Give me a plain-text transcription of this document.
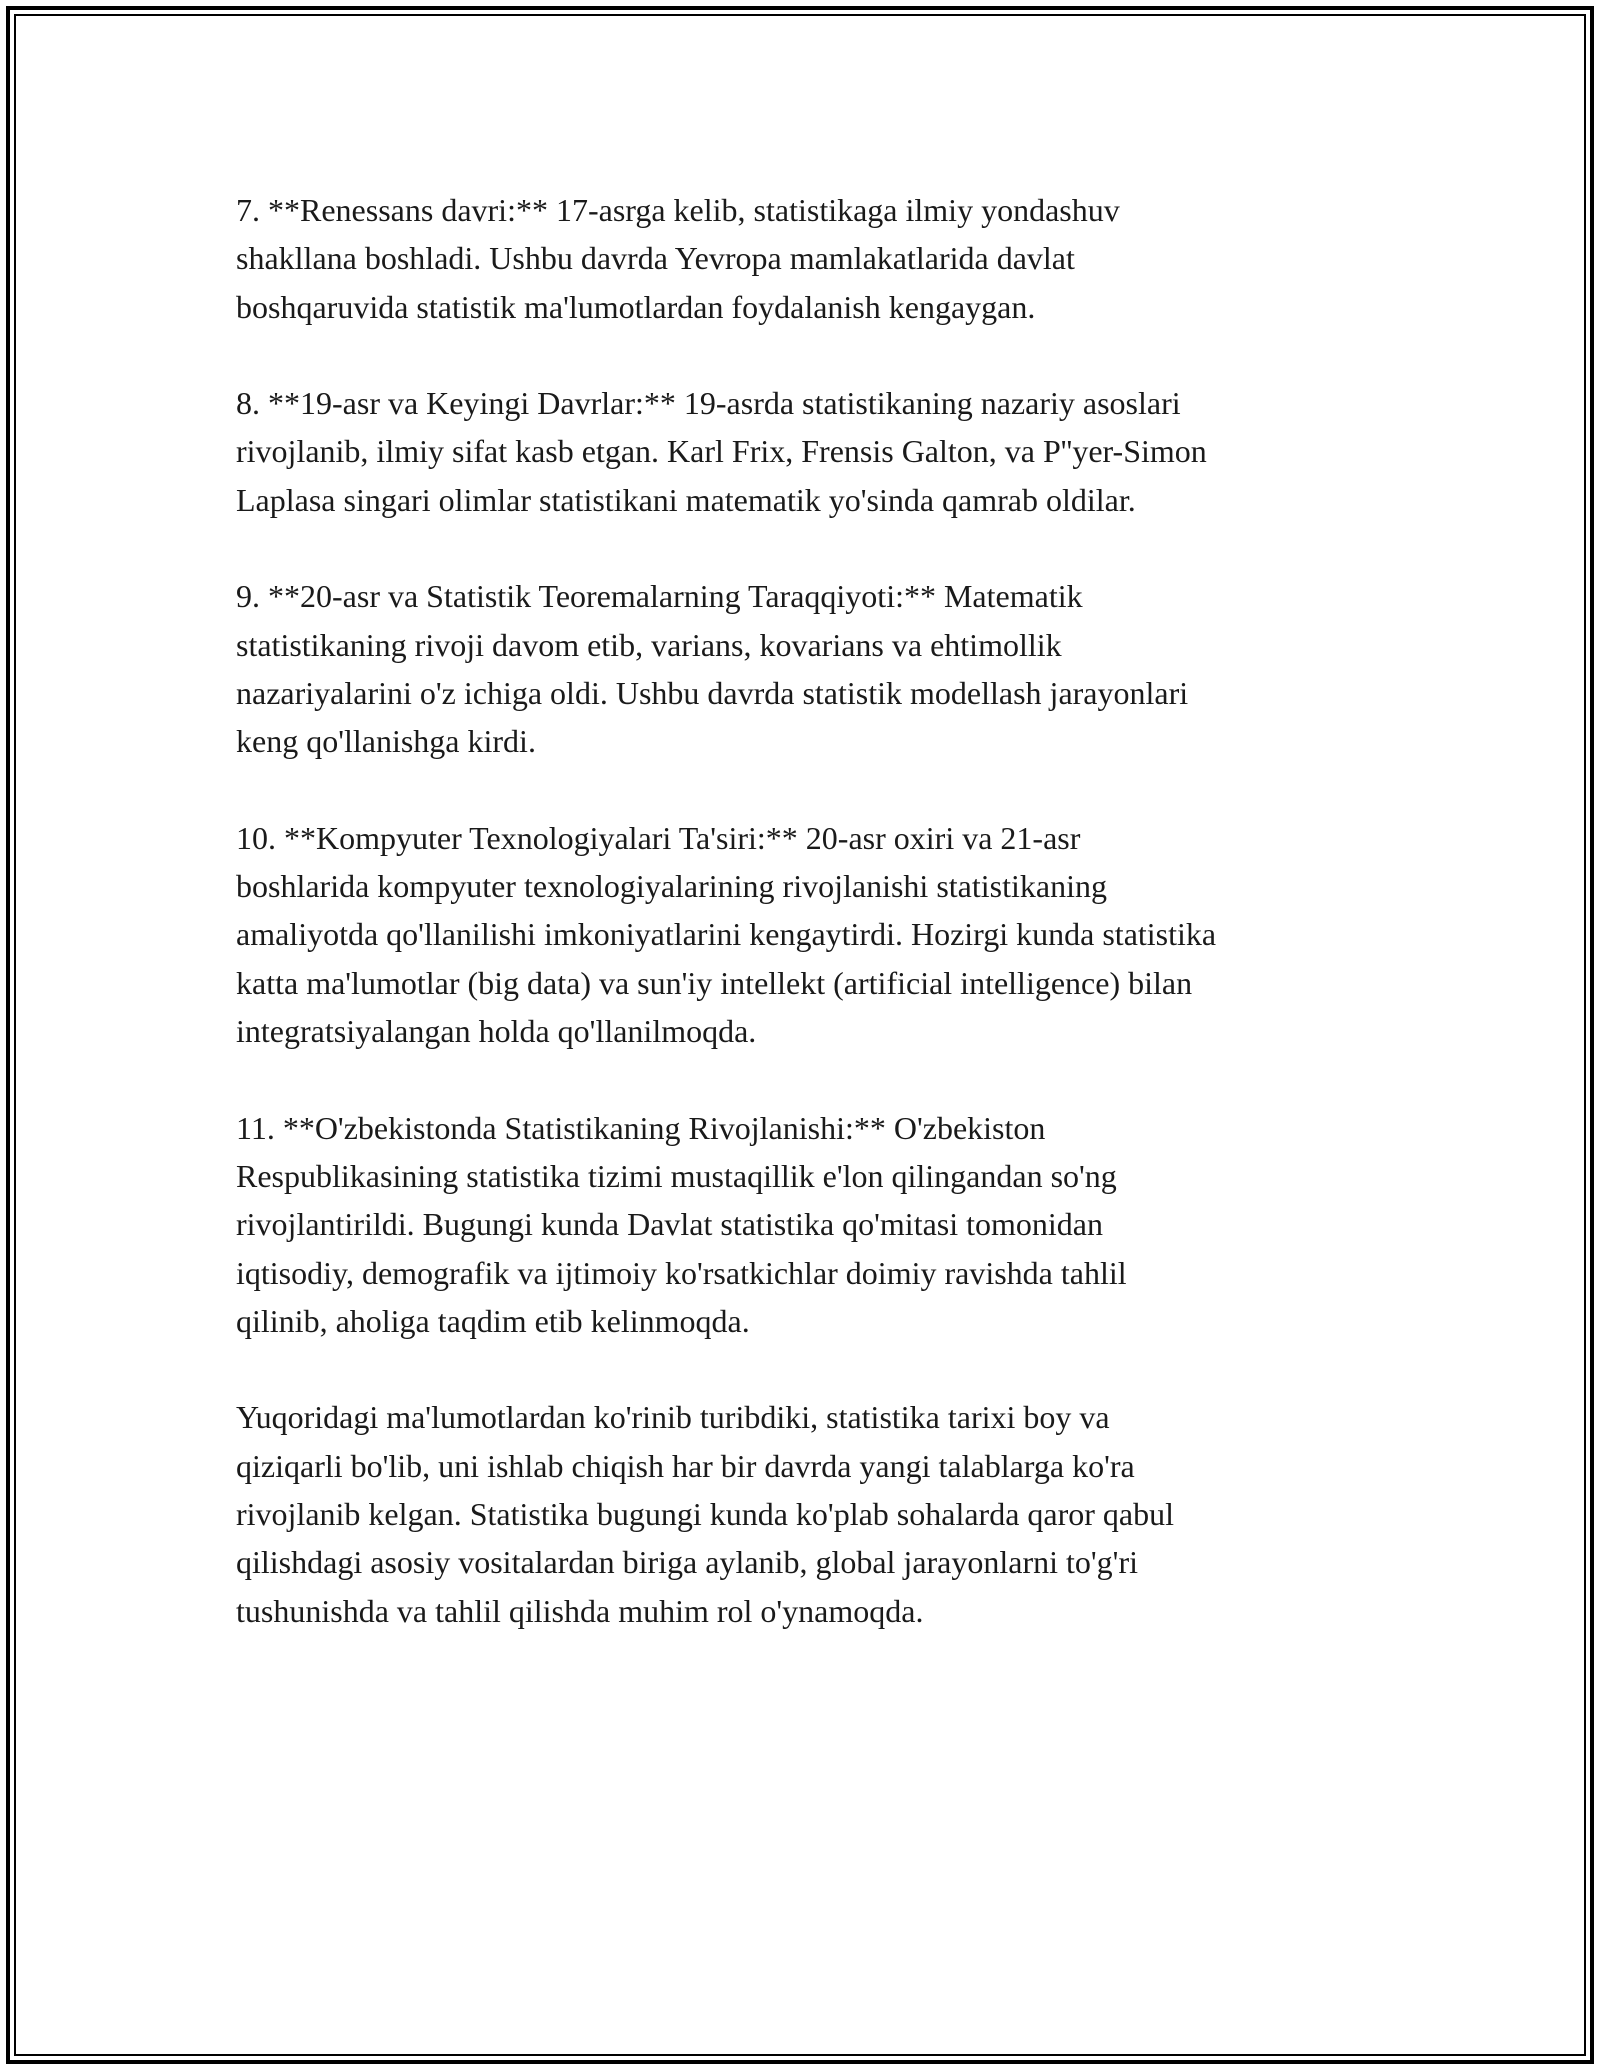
7. **Renessans davri:** 17-asrga kelib, statistikaga ilmiy yondashuv
shakllana boshladi. Ushbu davrda Yevropa mamlakatlarida davlat
boshqaruvida statistik ma'lumotlardan foydalanish kengaygan.

8. **19-asr va Keyingi Davrlar:** 19-asrda statistikaning nazariy asoslari
rivojlanib, ilmiy sifat kasb etgan. Karl Frix, Frensis Galton, va P''yer-Simon
Laplasa singari olimlar statistikani matematik yo'sinda qamrab oldilar.

9. **20-asr va Statistik Teoremalarning Taraqqiyoti:** Matematik
statistikaning rivoji davom etib, varians, kovarians va ehtimollik
nazariyalarini o'z ichiga oldi. Ushbu davrda statistik modellash jarayonlari
keng qo'llanishga kirdi.

10. **Kompyuter Texnologiyalari Ta'siri:** 20-asr oxiri va 21-asr
boshlarida kompyuter texnologiyalarining rivojlanishi statistikaning
amaliyotda qo'llanilishi imkoniyatlarini kengaytirdi. Hozirgi kunda statistika
katta ma'lumotlar (big data) va sun'iy intellekt (artificial intelligence) bilan
integratsiyalangan holda qo'llanilmoqda.

11. **O'zbekistonda Statistikaning Rivojlanishi:** O'zbekiston
Respublikasining statistika tizimi mustaqillik e'lon qilingandan so'ng
rivojlantirildi. Bugungi kunda Davlat statistika qo'mitasi tomonidan
iqtisodiy, demografik va ijtimoiy ko'rsatkichlar doimiy ravishda tahlil
qilinib, aholiga taqdim etib kelinmoqda.

Yuqoridagi ma'lumotlardan ko'rinib turibdiki, statistika tarixi boy va
qiziqarli bo'lib, uni ishlab chiqish har bir davrda yangi talablarga ko'ra
rivojlanib kelgan. Statistika bugungi kunda ko'plab sohalarda qaror qabul
qilishdagi asosiy vositalardan biriga aylanib, global jarayonlarni to'g'ri
tushunishda va tahlil qilishda muhim rol o'ynamoqda.
